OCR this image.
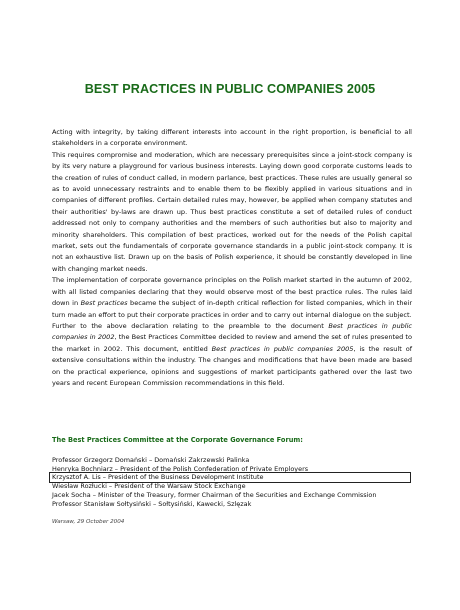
BEST PRACTICES IN PUBLIC COMPANIES 2005

Acting with integrity, by taking different interests into account in the right proportion, is beneficial to all stakeholders in a corporate environment.

This requires compromise and moderation, which are necessary prerequisites since a joint-stock company is by its very nature a playground for various business interests. Laying down good corporate customs leads to the creation of rules of conduct called, in modern parlance, best practices. These rules are usually general so as to avoid unnecessary restraints and to enable them to be flexibly applied in various situations and in companies of different profiles. Certain detailed rules may, however, be applied when company statutes and their authorities' by-laws are drawn up. Thus best practices constitute a set of detailed rules of conduct addressed not only to company authorities and the members of such authorities but also to majority and minority shareholders. This compilation of best practices, worked out for the needs of the Polish capital market, sets out the fundamentals of corporate governance standards in a public joint-stock company. It is not an exhaustive list. Drawn up on the basis of Polish experience, it should be constantly developed in line with changing market needs.

The implementation of corporate governance principles on the Polish market started in the autumn of 2002, with all listed companies declaring that they would observe most of the best practice rules. The rules laid down in Best practices became the subject of in-depth critical reflection for listed companies, which in their turn made an effort to put their corporate practices in order and to carry out internal dialogue on the subject.

Further to the above declaration relating to the preamble to the document Best practices in public companies in 2002, the Best Practices Committee decided to review and amend the set of rules presented to the market in 2002. This document, entitled Best practices in public companies 2005, is the result of extensive consultations within the industry. The changes and modifications that have been made are based on the practical experience, opinions and suggestions of market participants gathered over the last two years and recent European Commission recommendations in this field.

The Best Practices Committee at the Corporate Governance Forum:
Professor Grzegorz Domański – Domański Zakrzewski Palinka
Henryka Bochniarz – President of the Polish Confederation of Private Employers
Krzysztof A. Lis – President of the Business Development Institute
Wiesław Rozłucki – President of the Warsaw Stock Exchange
Jacek Socha – Minister of the Treasury, former Chairman of the Securities and Exchange Commission
Professor Stanisław Sołtysiński – Sołtysiński, Kawecki, Szlęzak
Warsaw, 29 October 2004
